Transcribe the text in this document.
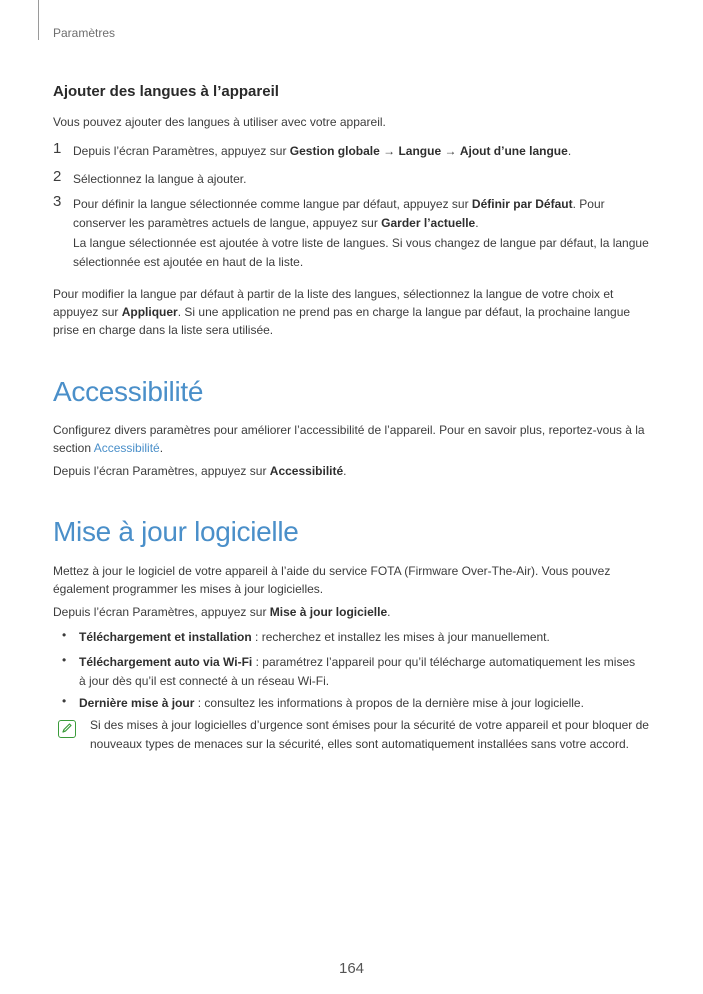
Paramètres
Ajouter des langues à l’appareil
Vous pouvez ajouter des langues à utiliser avec votre appareil.
1 Depuis l’écran Paramètres, appuyez sur Gestion globale → Langue → Ajout d’une langue.
2 Sélectionnez la langue à ajouter.
3 Pour définir la langue sélectionnée comme langue par défaut, appuyez sur Définir par Défaut. Pour conserver les paramètres actuels de langue, appuyez sur Garder l’actuelle.
La langue sélectionnée est ajoutée à votre liste de langues. Si vous changez de langue par défaut, la langue sélectionnée est ajoutée en haut de la liste.
Pour modifier la langue par défaut à partir de la liste des langues, sélectionnez la langue de votre choix et appuyez sur Appliquer. Si une application ne prend pas en charge la langue par défaut, la prochaine langue prise en charge dans la liste sera utilisée.
Accessibilité
Configurez divers paramètres pour améliorer l’accessibilité de l’appareil. Pour en savoir plus, reportez-vous à la section Accessibilité.
Depuis l’écran Paramètres, appuyez sur Accessibilité.
Mise à jour logicielle
Mettez à jour le logiciel de votre appareil à l’aide du service FOTA (Firmware Over-The-Air). Vous pouvez également programmer les mises à jour logicielles.
Depuis l’écran Paramètres, appuyez sur Mise à jour logicielle.
• Téléchargement et installation : recherchez et installez les mises à jour manuellement.
• Téléchargement auto via Wi-Fi : paramétrez l’appareil pour qu’il télécharge automatiquement les mises à jour dès qu’il est connecté à un réseau Wi-Fi.
• Dernière mise à jour : consultez les informations à propos de la dernière mise à jour logicielle.
Si des mises à jour logicielles d’urgence sont émises pour la sécurité de votre appareil et pour bloquer de nouveaux types de menaces sur la sécurité, elles sont automatiquement installées sans votre accord.
164
